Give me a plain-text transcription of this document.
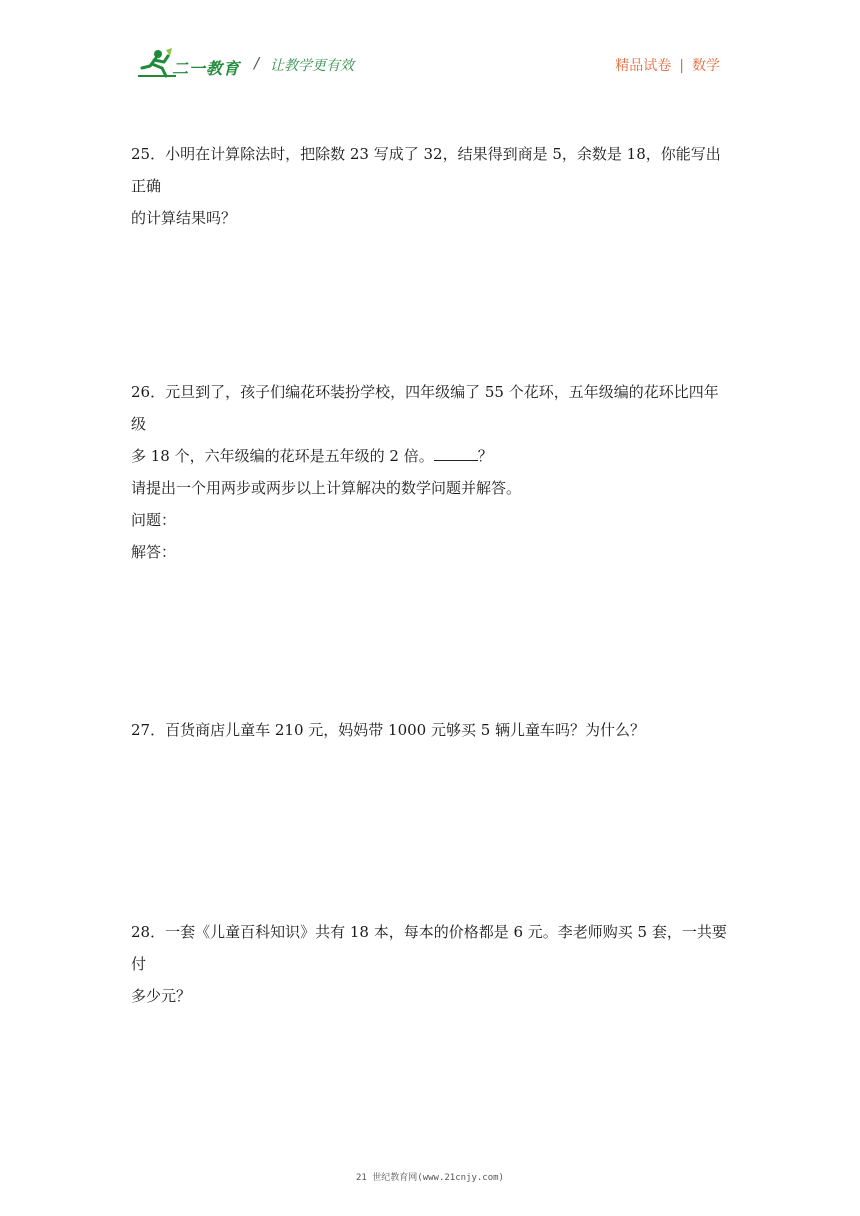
二一教育 / 让教学更有效	精品试卷 | 数学

25．小明在计算除法时，把除数 23 写成了 32，结果得到商是 5，余数是 18，你能写出正确

的计算结果吗？

26．元旦到了，孩子们编花环装扮学校，四年级编了 55 个花环，五年级编的花环比四年级

多 18 个，六年级编的花环是五年级的 2 倍。	？

请提出一个用两步或两步以上计算解决的数学问题并解答。

问题：

解答：

27．百货商店儿童车 210 元，妈妈带 1000 元够买 5 辆儿童车吗？为什么？

28．一套《儿童百科知识》共有 18 本，每本的价格都是 6 元。李老师购买 5 套，一共要付

多少元？

21 世纪教育网(www.21cnjy.com)
